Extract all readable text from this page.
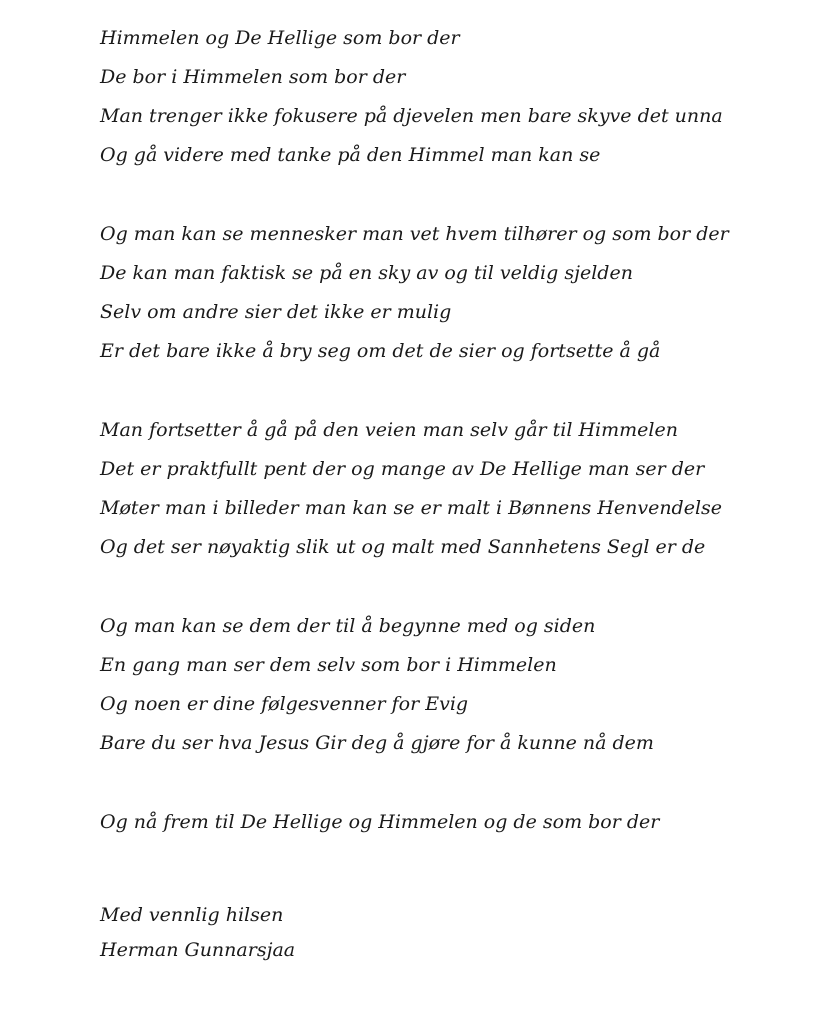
Himmelen og De Hellige som bor der
De bor i Himmelen som bor der
Man trenger ikke fokusere på djevelen men bare skyve det unna
Og gå videre med tanke på den Himmel man kan se
Og man kan se mennesker man vet hvem tilhører og som bor der
De kan man faktisk se på en sky av og til veldig sjelden
Selv om andre sier det ikke er mulig
Er det bare ikke å bry seg om det de sier og fortsette å gå
Man fortsetter å gå på den veien man selv går til Himmelen
Det er praktfullt pent der og mange av De Hellige man ser der
Møter man i billeder man kan se er malt i Bønnens Henvendelse
Og det ser nøyaktig slik ut og malt med Sannhetens Segl er de
Og man kan se dem der til å begynne med og siden
En gang man ser dem selv som bor i Himmelen
Og noen er dine følgesvenner for Evig
Bare du ser hva Jesus Gir deg å gjøre for å kunne nå dem
Og nå frem til De Hellige og Himmelen og de som bor der
Med vennlig hilsen
Herman Gunnarsjaa
